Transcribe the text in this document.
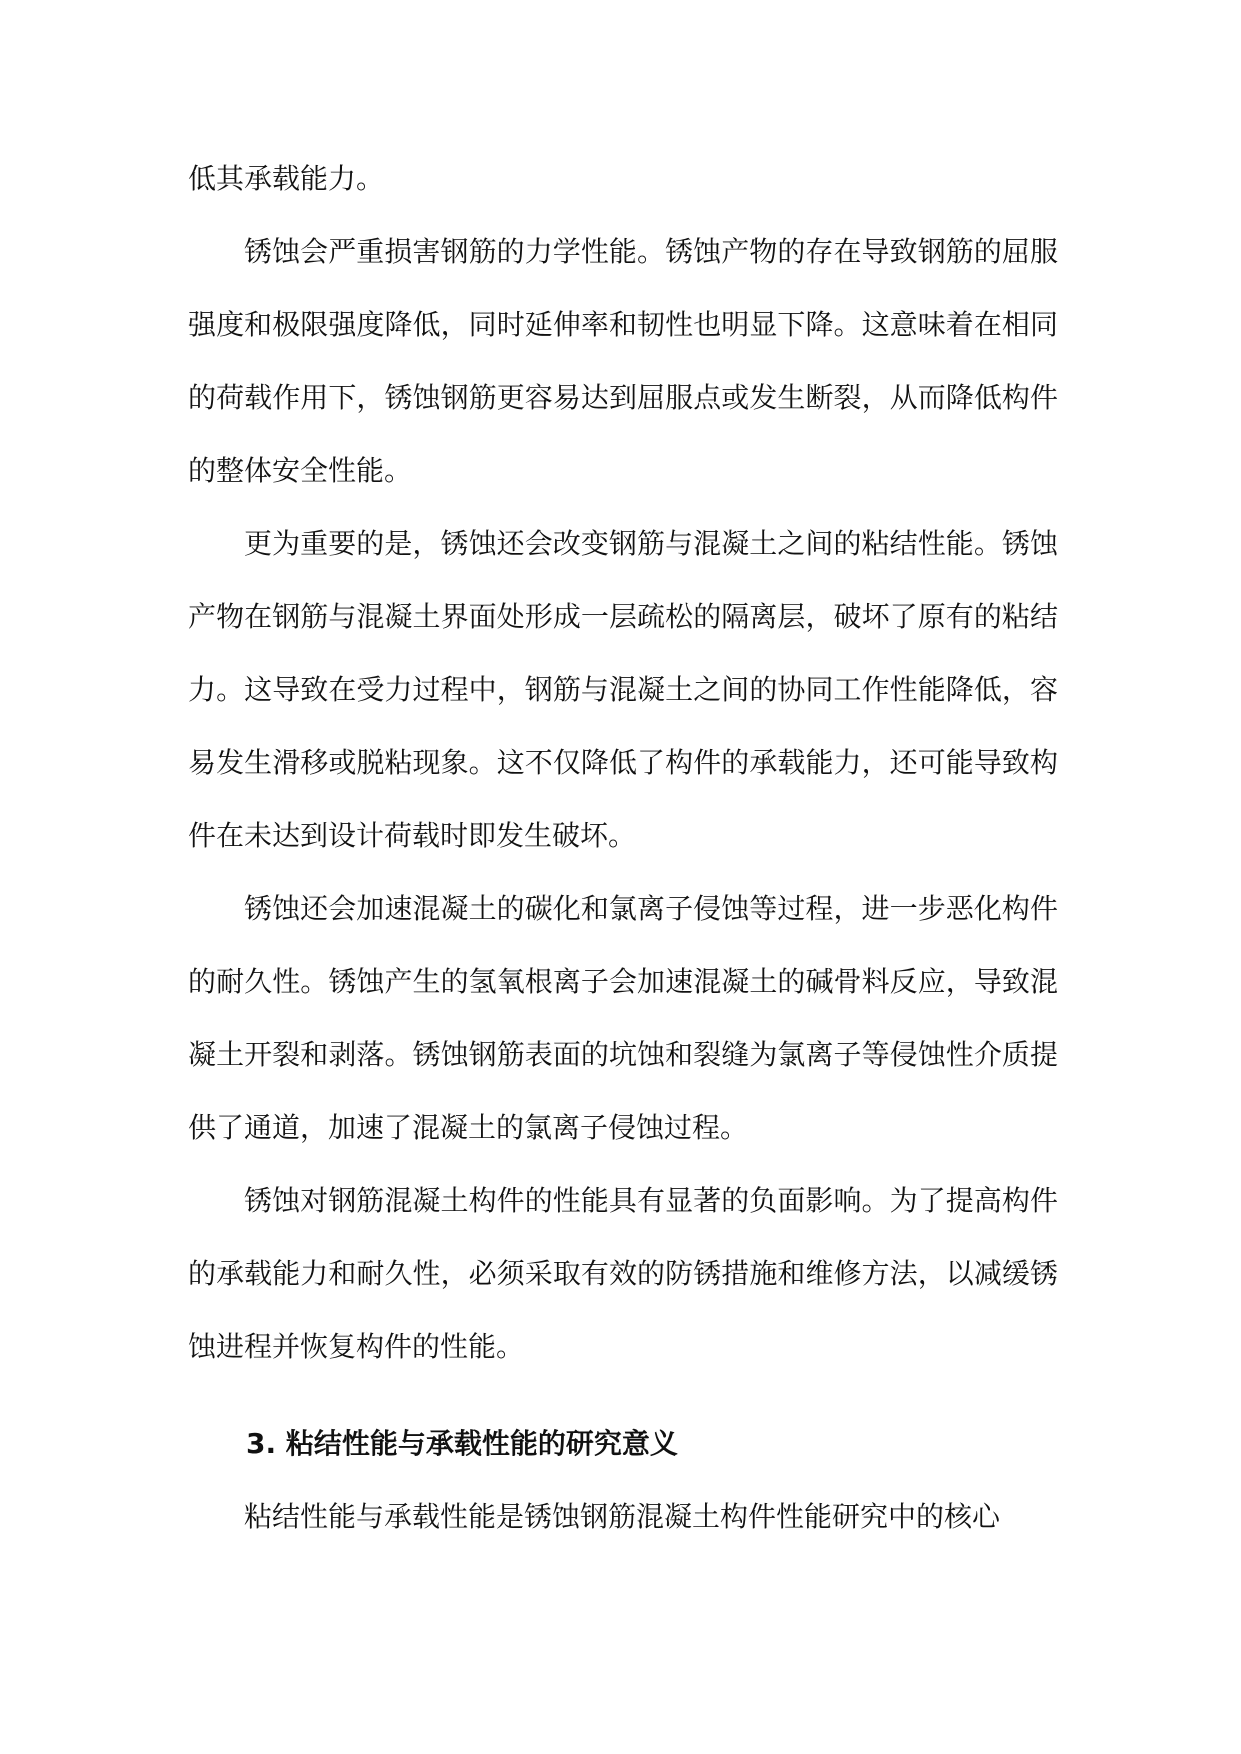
低其承载能力。

锈蚀会严重损害钢筋的力学性能。锈蚀产物的存在导致钢筋的屈服强度和极限强度降低，同时延伸率和韧性也明显下降。这意味着在相同的荷载作用下，锈蚀钢筋更容易达到屈服点或发生断裂，从而降低构件的整体安全性能。

更为重要的是，锈蚀还会改变钢筋与混凝土之间的粘结性能。锈蚀产物在钢筋与混凝土界面处形成一层疏松的隔离层，破坏了原有的粘结力。这导致在受力过程中，钢筋与混凝土之间的协同工作性能降低，容易发生滑移或脱粘现象。这不仅降低了构件的承载能力，还可能导致构件在未达到设计荷载时即发生破坏。

锈蚀还会加速混凝土的碳化和氯离子侵蚀等过程，进一步恶化构件的耐久性。锈蚀产生的氢氧根离子会加速混凝土的碱骨料反应，导致混凝土开裂和剥落。锈蚀钢筋表面的坑蚀和裂缝为氯离子等侵蚀性介质提供了通道，加速了混凝土的氯离子侵蚀过程。

锈蚀对钢筋混凝土构件的性能具有显著的负面影响。为了提高构件的承载能力和耐久性，必须采取有效的防锈措施和维修方法，以减缓锈蚀进程并恢复构件的性能。

3. 粘结性能与承载性能的研究意义

粘结性能与承载性能是锈蚀钢筋混凝土构件性能研究中的核心
